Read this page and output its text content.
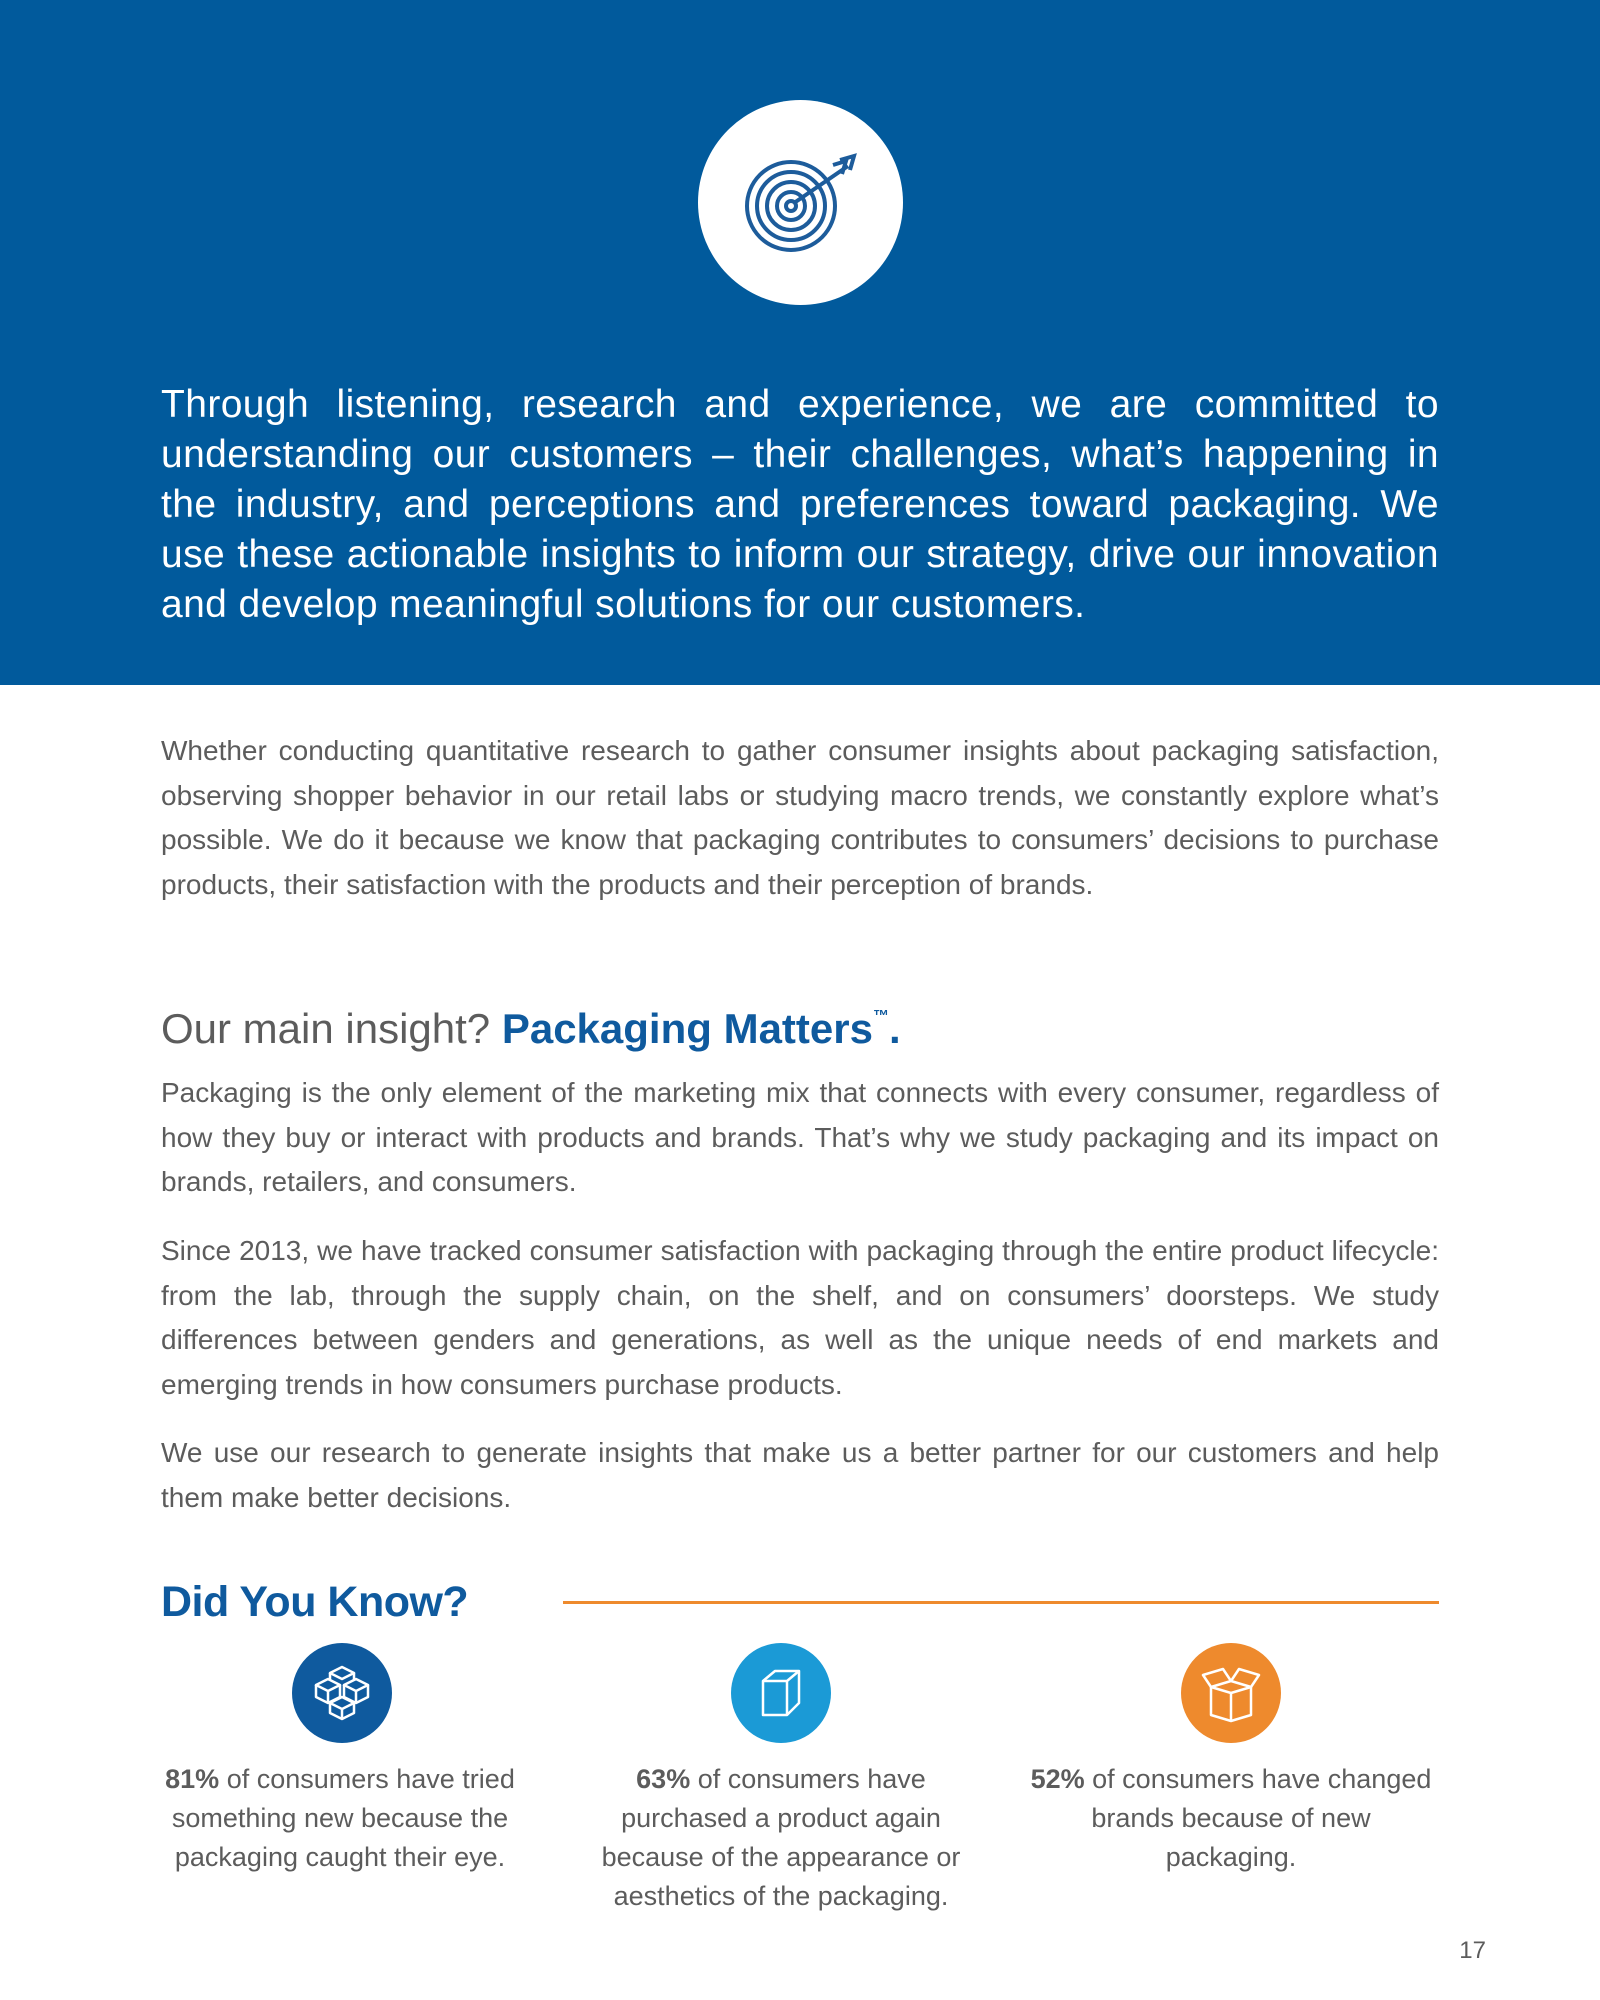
Through listening, research and experience, we are committed to understanding our customers – their challenges, what’s happening in the industry, and perceptions and preferences toward packaging. We use these actionable insights to inform our strategy, drive our innovation and develop meaningful solutions for our customers.

Whether conducting quantitative research to gather consumer insights about packaging satisfaction, observing shopper behavior in our retail labs or studying macro trends, we constantly explore what’s possible. We do it because we know that packaging contributes to consumers’ decisions to purchase products, their satisfaction with the products and their perception of brands.

Our main insight? Packaging Matters™.

Packaging is the only element of the marketing mix that connects with every consumer, regardless of how they buy or interact with products and brands. That’s why we study packaging and its impact on brands, retailers, and consumers.

Since 2013, we have tracked consumer satisfaction with packaging through the entire product lifecycle: from the lab, through the supply chain, on the shelf, and on consumers’ doorsteps. We study differences between genders and generations, as well as the unique needs of end markets and emerging trends in how consumers purchase products.

We use our research to generate insights that make us a better partner for our customers and help them make better decisions.

Did You Know?

81% of consumers have tried something new because the packaging caught their eye.

63% of consumers have purchased a product again because of the appearance or aesthetics of the packaging.

52% of consumers have changed brands because of new packaging.

17
